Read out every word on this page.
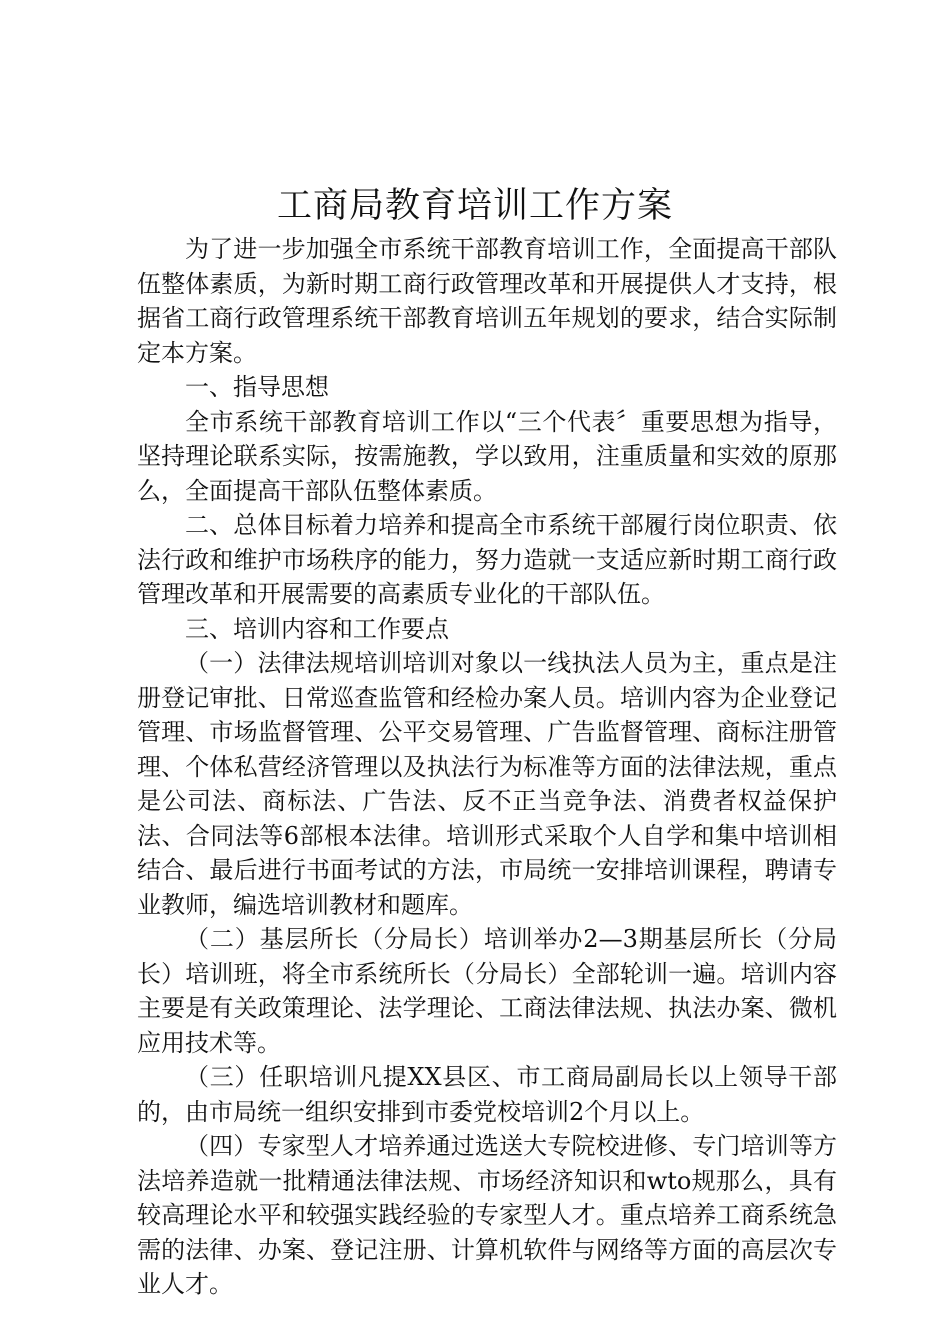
工商局教育培训工作方案

为了进一步加强全市系统干部教育培训工作，全面提高干部队伍整体素质，为新时期工商行政管理改革和开展提供人才支持，根据省工商行政管理系统干部教育培训五年规划的要求，结合实际制定本方案。

一、指导思想

全市系统干部教育培训工作以“三个代表〞重要思想为指导，坚持理论联系实际，按需施教，学以致用，注重质量和实效的原那么，全面提高干部队伍整体素质。

二、总体目标着力培养和提高全市系统干部履行岗位职责、依法行政和维护市场秩序的能力，努力造就一支适应新时期工商行政管理改革和开展需要的高素质专业化的干部队伍。

三、培训内容和工作要点

（一）法律法规培训培训对象以一线执法人员为主，重点是注册登记审批、日常巡查监管和经检办案人员。培训内容为企业登记管理、市场监督管理、公平交易管理、广告监督管理、商标注册管理、个体私营经济管理以及执法行为标准等方面的法律法规，重点是公司法、商标法、广告法、反不正当竞争法、消费者权益保护法、合同法等6部根本法律。培训形式采取个人自学和集中培训相结合、最后进行书面考试的方法，市局统一安排培训课程，聘请专业教师，编选培训教材和题库。

（二）基层所长（分局长）培训举办2—3期基层所长（分局长）培训班，将全市系统所长（分局长）全部轮训一遍。培训内容主要是有关政策理论、法学理论、工商法律法规、执法办案、微机应用技术等。

（三）任职培训凡提XX县区、市工商局副局长以上领导干部的，由市局统一组织安排到市委党校培训2个月以上。

（四）专家型人才培养通过选送大专院校进修、专门培训等方法培养造就一批精通法律法规、市场经济知识和wto规那么，具有较高理论水平和较强实践经验的专家型人才。重点培养工商系统急需的法律、办案、登记注册、计算机软件与网络等方面的高层次专业人才。
